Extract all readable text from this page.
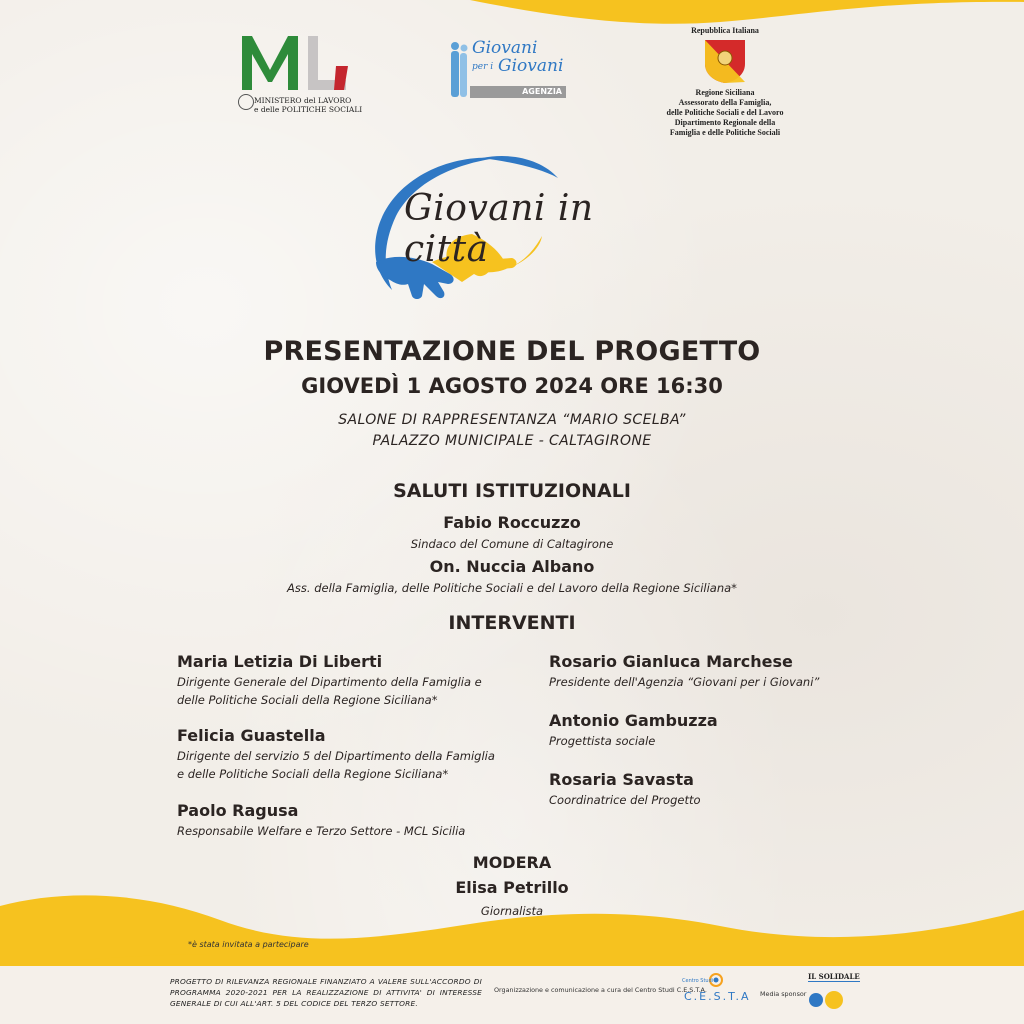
MINISTERO del LAVORO
e delle POLITICHE SOCIALI
Giovani
per i Giovani
AGENZIA
Repubblica Italiana
Regione Siciliana
Assessorato della Famiglia,
delle Politiche Sociali e del Lavoro
Dipartimento Regionale della
Famiglia e delle Politiche Sociali
Giovani in città
PRESENTAZIONE DEL PROGETTO
GIOVEDÌ 1 AGOSTO 2024 ORE 16:30
SALONE DI RAPPRESENTANZA “MARIO SCELBA”
PALAZZO MUNICIPALE - CALTAGIRONE
SALUTI ISTITUZIONALI
Fabio Roccuzzo
Sindaco del Comune di Caltagirone
On. Nuccia Albano
Ass. della Famiglia, delle Politiche Sociali e del Lavoro della Regione Siciliana*
INTERVENTI
Maria Letizia Di Liberti
Dirigente Generale del Dipartimento della Famiglia e
delle Politiche Sociali della Regione Siciliana*
Felicia Guastella
Dirigente del servizio 5 del Dipartimento della Famiglia
e delle Politiche Sociali della Regione Siciliana*
Paolo Ragusa
Responsabile Welfare e Terzo Settore - MCL Sicilia
Rosario Gianluca Marchese
Presidente dell'Agenzia “Giovani per i Giovani”
Antonio Gambuzza
Progettista sociale
Rosaria Savasta
Coordinatrice del Progetto
MODERA
Elisa Petrillo
Giornalista
*è stata invitata a partecipare
PROGETTO DI RILEVANZA REGIONALE FINANZIATO A VALERE SULL'ACCORDO DI PROGRAMMA 2020-2021 PER LA REALIZZAZIONE DI ATTIVITA' DI INTERESSE GENERALE DI CUI ALL'ART. 5 DEL CODICE DEL TERZO SETTORE.
Organizzazione e comunicazione a cura del Centro Studi C.E.S.T.A.
Centro Studi
C.E.S.T.A Media sponsor
IL SOLIDALE
